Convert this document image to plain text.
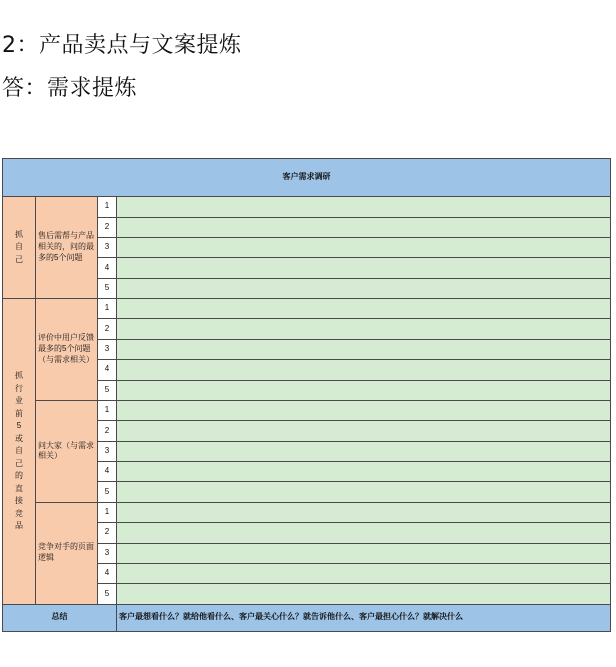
2：产品卖点与文案提炼
答：需求提炼
客户需求调研			
抓自己	售后需帮与产品相关的，问的最多的5个问题	1	
		2	
		3	
		4	
		5	
抓行业前5或自己的直接竞品	评价中用户反馈最多的5个问题（与需求相关）	1	
		2	
		3	
		4	
		5	
	问大家（与需求相关）	1	
		2	
		3	
		4	
		5	
	竞争对手的页面逻辑	1	
		2	
		3	
		4	
		5	
总结			客户最想看什么？就给他看什么、客户最关心什么？就告诉他什么、客户最担心什么？就解决什么
